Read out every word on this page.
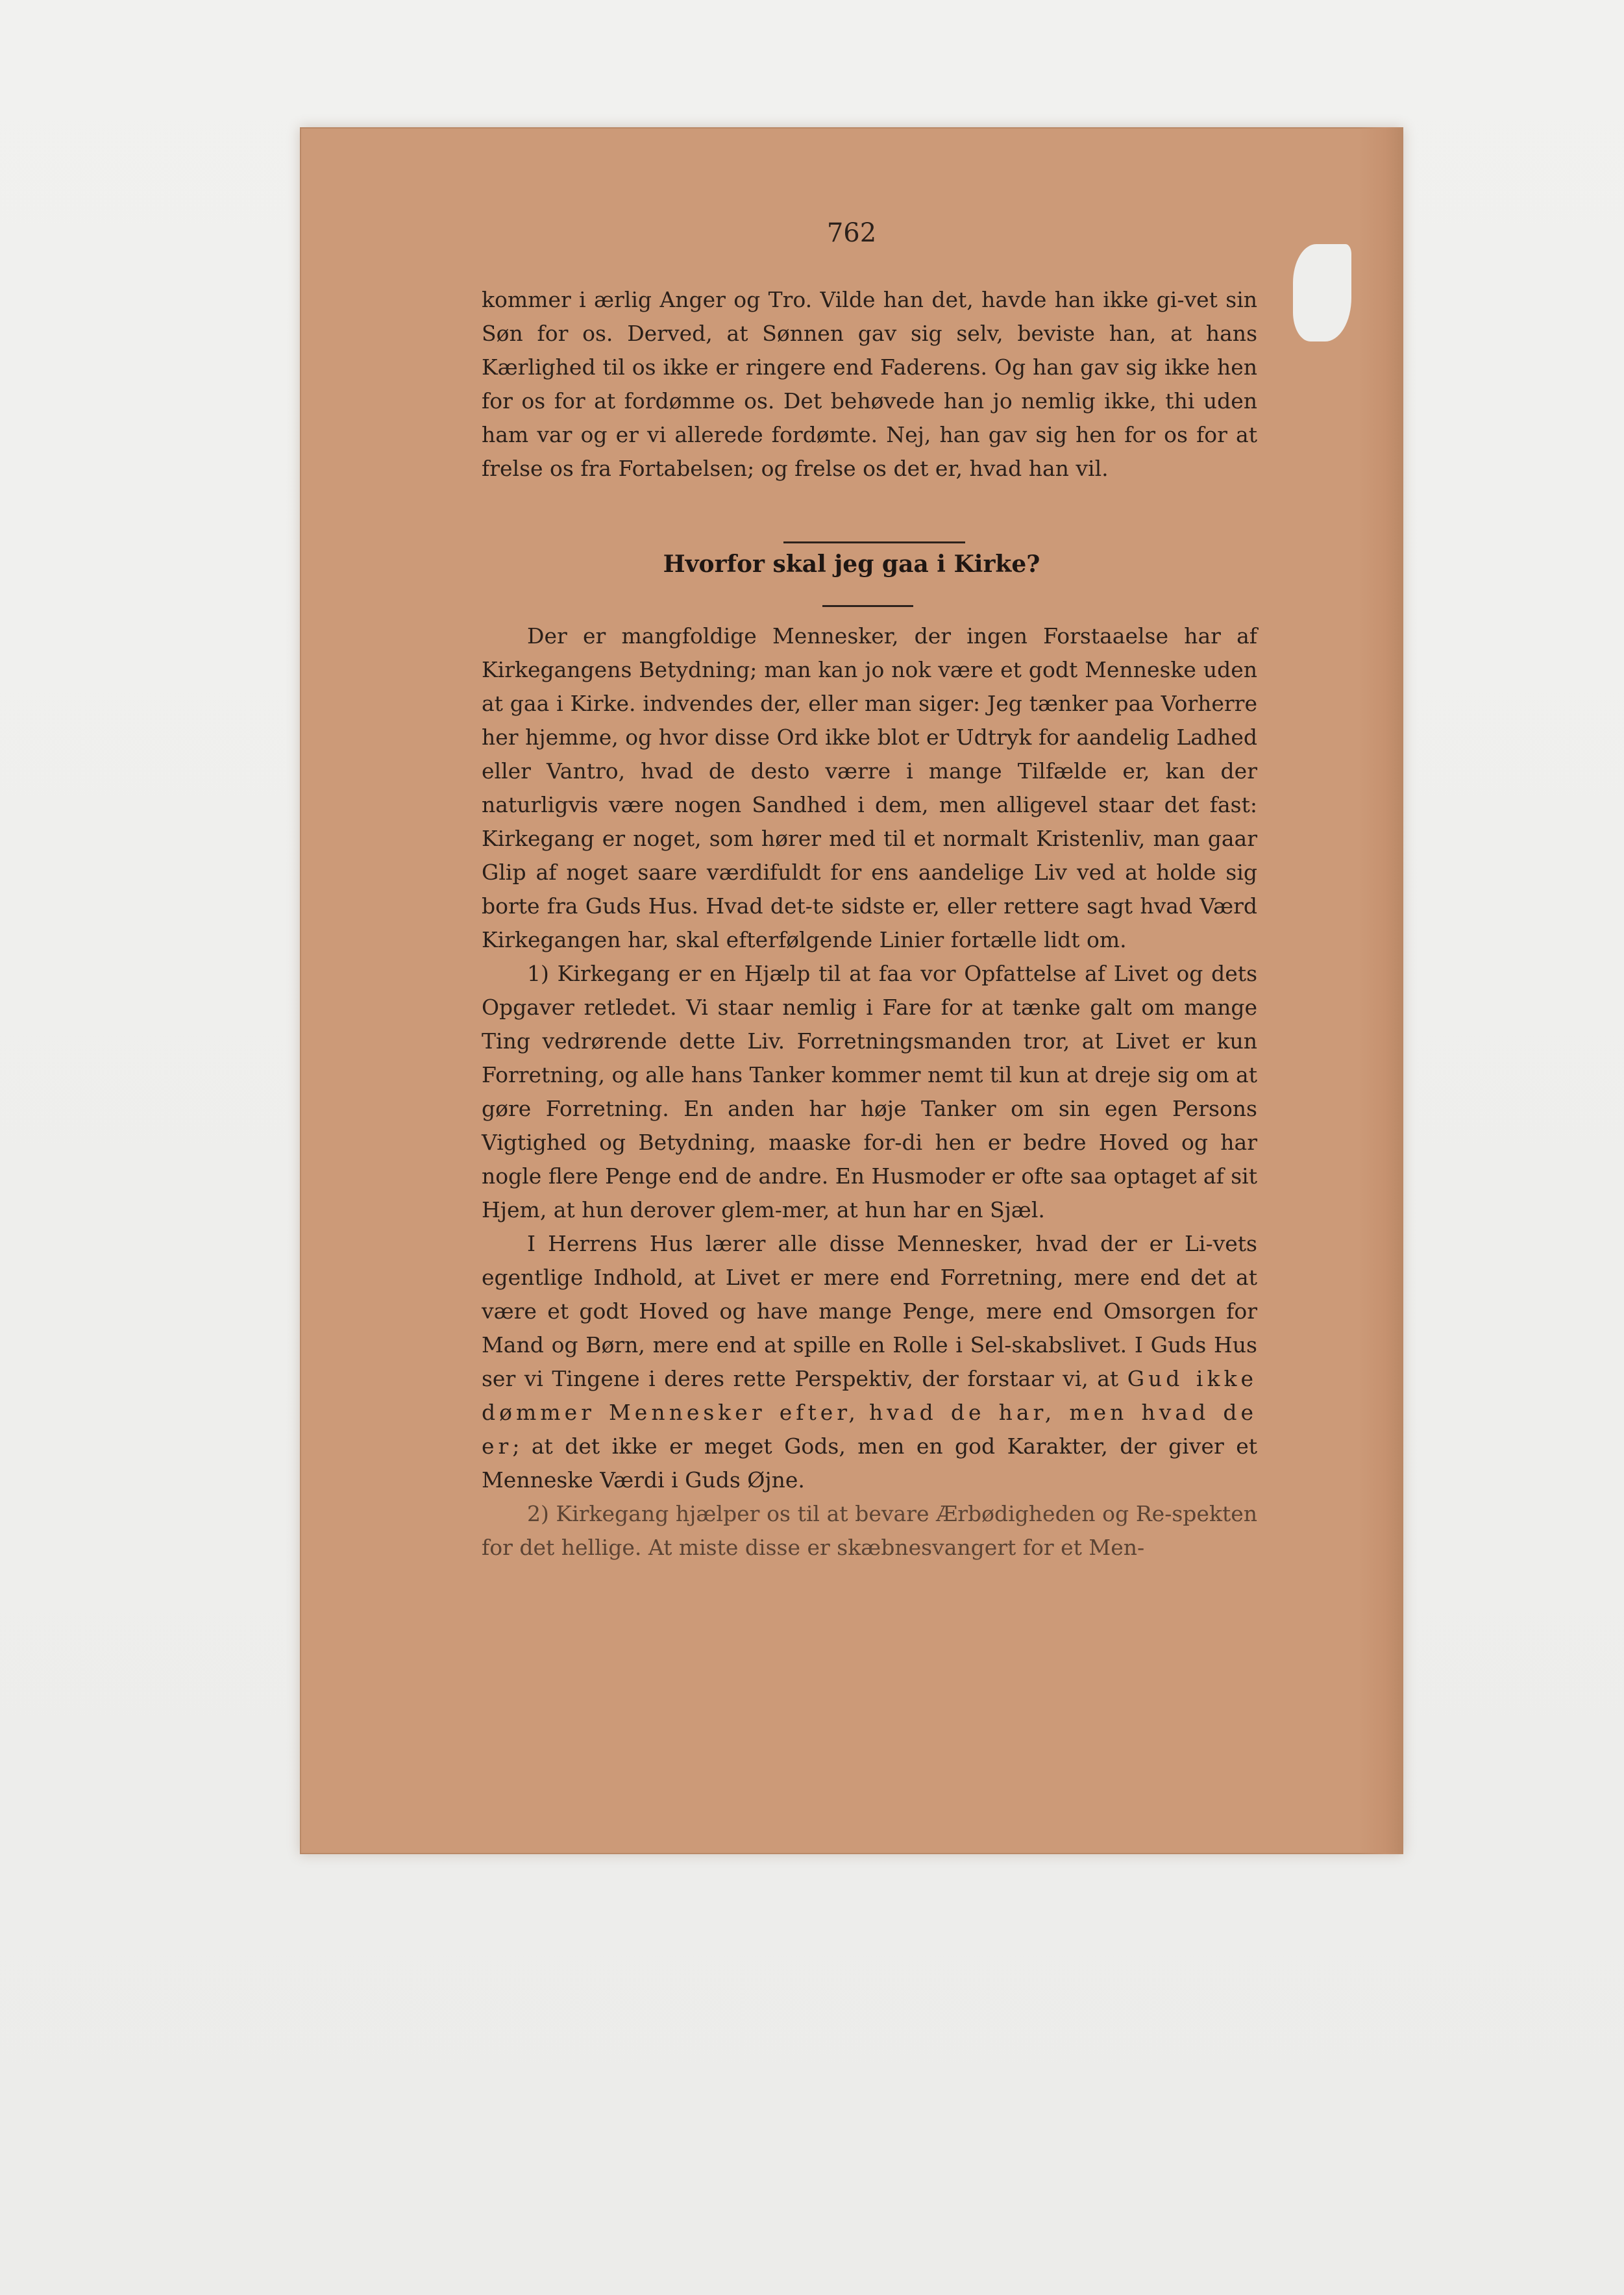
762

kommer i ærlig Anger og Tro. Vilde han det, havde han ikke gi-vet sin Søn for os. Derved, at Sønnen gav sig selv, beviste han, at hans Kærlighed til os ikke er ringere end Faderens. Og han gav sig ikke hen for os for at fordømme os. Det behøvede han jo nemlig ikke, thi uden ham var og er vi allerede fordømte. Nej, han gav sig hen for os for at frelse os fra Fortabelsen; og frelse os det er, hvad han vil.

Hvorfor skal jeg gaa i Kirke?

Der er mangfoldige Mennesker, der ingen Forstaaelse har af Kirkegangens Betydning; man kan jo nok være et godt Menneske uden at gaa i Kirke. indvendes der, eller man siger: Jeg tænker paa Vorherre her hjemme, og hvor disse Ord ikke blot er Udtryk for aandelig Ladhed eller Vantro, hvad de desto værre i mange Tilfælde er, kan der naturligvis være nogen Sandhed i dem, men alligevel staar det fast: Kirkegang er noget, som hører med til et normalt Kristenliv, man gaar Glip af noget saare værdifuldt for ens aandelige Liv ved at holde sig borte fra Guds Hus. Hvad det-te sidste er, eller rettere sagt hvad Værd Kirkegangen har, skal efterfølgende Linier fortælle lidt om.

1) Kirkegang er en Hjælp til at faa vor Opfattelse af Livet og dets Opgaver retledet. Vi staar nemlig i Fare for at tænke galt om mange Ting vedrørende dette Liv. Forretningsmanden tror, at Livet er kun Forretning, og alle hans Tanker kommer nemt til kun at dreje sig om at gøre Forretning. En anden har høje Tanker om sin egen Persons Vigtighed og Betydning, maaske for-di hen er bedre Hoved og har nogle flere Penge end de andre. En Husmoder er ofte saa optaget af sit Hjem, at hun derover glem-mer, at hun har en Sjæl.

I Herrens Hus lærer alle disse Mennesker, hvad der er Li-vets egentlige Indhold, at Livet er mere end Forretning, mere end det at være et godt Hoved og have mange Penge, mere end Omsorgen for Mand og Børn, mere end at spille en Rolle i Sel-skabslivet. I Guds Hus ser vi Tingene i deres rette Perspektiv, der forstaar vi, at Gud ikke dømmer Mennesker efter, hvad de har, men hvad de er; at det ikke er meget Gods, men en god Karakter, der giver et Menneske Værdi i Guds Øjne.

2) Kirkegang hjælper os til at bevare Ærbødigheden og Re-spekten for det hellige. At miste disse er skæbnesvangert for et Men-
